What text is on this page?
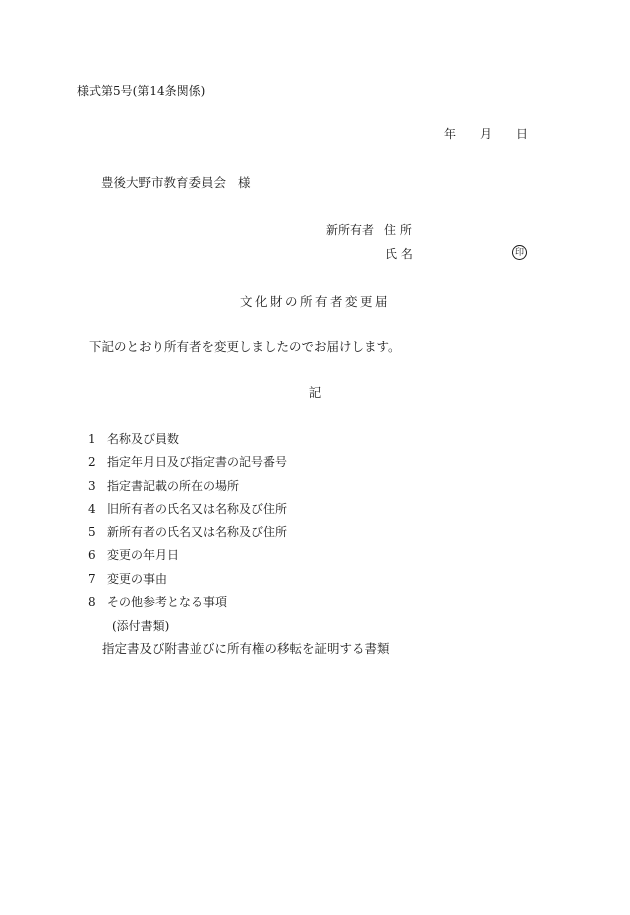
様式第5号(第14条関係)
年 月 日
豊後大野市教育委員会 様
新所有者 住 所
氏 名	印
文化財の所有者変更届
下記のとおり所有者を変更しましたのでお届けします。
記
1 名称及び員数
2 指定年月日及び指定書の記号番号
3 指定書記載の所在の場所
4 旧所有者の氏名又は名称及び住所
5 新所有者の氏名又は名称及び住所
6 変更の年月日
7 変更の事由
8 その他参考となる事項
(添付書類)
指定書及び附書並びに所有権の移転を証明する書類
